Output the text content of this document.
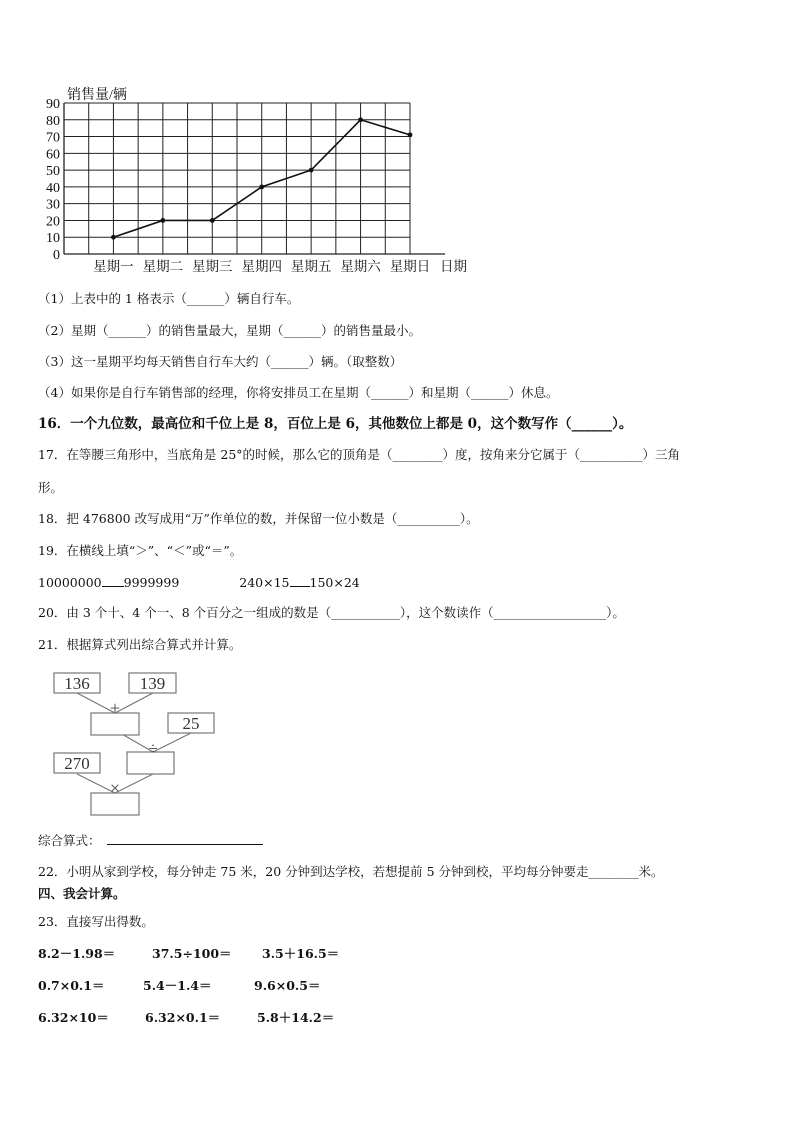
0
10
20
30
40
50
60
70
80
90
星期一 星期二 星期三 星期四 星期五 星期六 星期日
销售量/辆
日期
（1）上表中的 1 格表示（______）辆自行车。
（2）星期（______）的销售量最大，星期（______）的销售量最小。
（3）这一星期平均每天销售自行车大约（______）辆。（取整数）
（4）如果你是自行车销售部的经理，你将安排员工在星期（______）和星期（______）休息。
16．一个九位数，最高位和千位上是 8，百位上是 6，其他数位上都是 0，这个数写作（______）。
17．在等腰三角形中，当底角是 25°的时候，那么它的顶角是（________）度，按角来分它属于（__________）三角
形。
18．把 476800 改写成用“万”作单位的数，并保留一位小数是（__________）。
19．在横线上填“＞”、“＜”或“＝”。
10000000 9999999	240×15 150×24
20．由 3 个十、4 个一、8 个百分之一组成的数是（___________），这个数读作（__________________）。
21．根据算式列出综合算式并计算。
136	139
25
270
+
÷
×
综合算式：
22．小明从家到学校，每分钟走 75 米，20 分钟到达学校，若想提前 5 分钟到校，平均每分钟要走________米。
四、我会计算。
23．直接写出得数。
8.2－1.98＝	37.5÷100＝ 3.5＋16.5＝
0.7×0.1＝	5.4－1.4＝	9.6×0.5＝
6.32×10＝	6.32×0.1＝	5.8＋14.2＝
